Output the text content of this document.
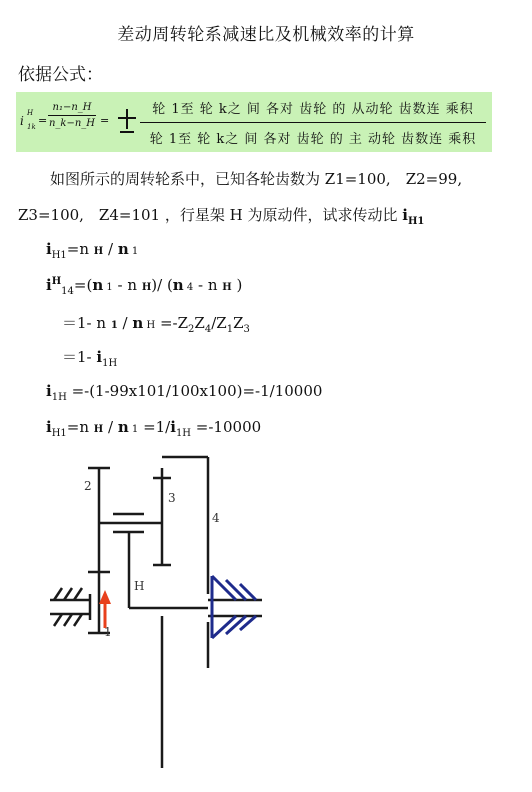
差动周转轮系减速比及机械效率的计算
依据公式：
i
H
$1k = \frac{\text{n₁−n\_H}}{n\_k-n\_H}$ =
轮 1至 轮 k之 间 各对 齿轮 的 从动轮 齿数连 乘积
轮 1至 轮 k之 间 各对 齿轮 的 主 动轮 齿数连 乘积
如图所示的周转轮系中，已知各轮齿数为 Z1=100,　Z2=99,
Z3=100,　Z4=101 ，行星架 H 为原动件，试求传动比 $i_{H1}$
$i_{H1}=n$ H / n 1
$i^H_{14}=(n$ 1 - n H)/ (n 4 - n H )
＝1- n 1 / n $H =-Z_2Z_4/Z_1Z_3$
＝1- $i_{1H}$
$i_{1H} =-(1-99x101/100x100)=-1/10000$
$i_{H1}=n$ H / n $1 =1/i_{1H} =-10000$
2
3
4
H
1
